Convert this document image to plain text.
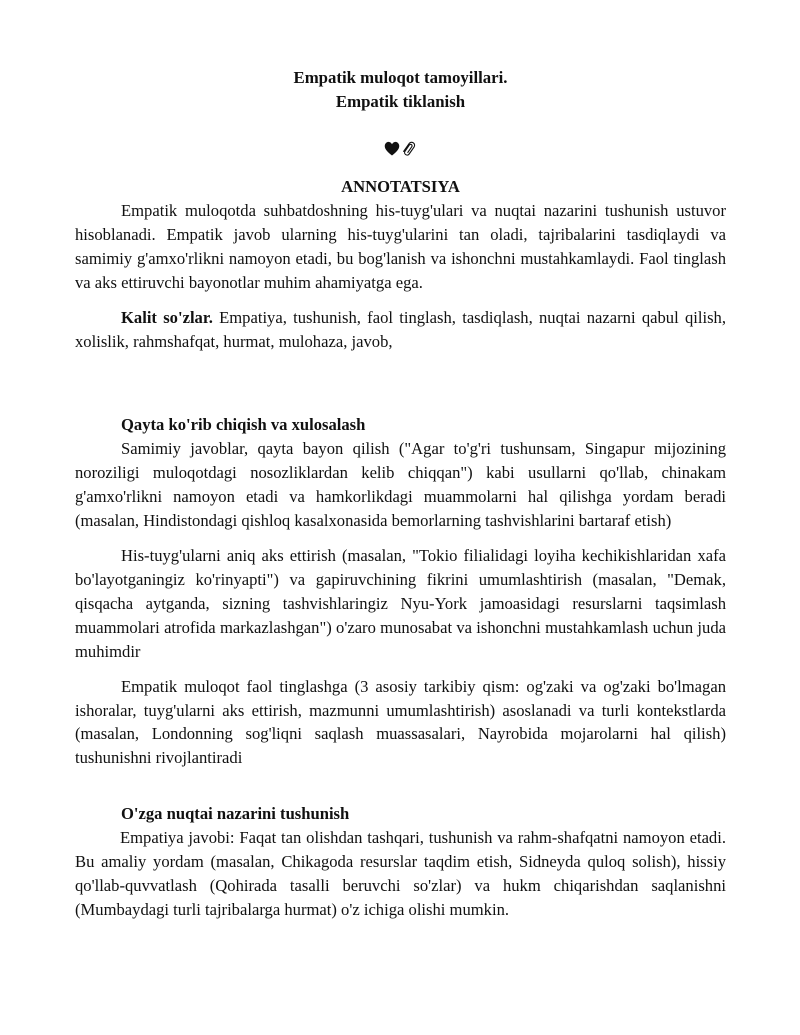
Empatik muloqot tamoyillari.
Empatik tiklanish
ANNOTATSIYA

Empatik muloqotda suhbatdoshning his-tuyg'ulari va nuqtai nazarini tushunish ustuvor hisoblanadi. Empatik javob ularning his-tuyg'ularini tan oladi, tajribalarini tasdiqlaydi va samimiy g'amxo'rlikni namoyon etadi, bu bog'lanish va ishonchni mustahkamlaydi. Faol tinglash va aks ettiruvchi bayonotlar muhim ahamiyatga ega.

Kalit so'zlar. Empatiya, tushunish, faol tinglash, tasdiqlash, nuqtai nazarni qabul qilish, xolislik, rahmshafqat, hurmat, mulohaza, javob,

Qayta ko'rib chiqish va xulosalash

Samimiy javoblar, qayta bayon qilish ("Agar to'g'ri tushunsam, Singapur mijozining noroziligi muloqotdagi nosozliklardan kelib chiqqan") kabi usullarni qo'llab, chinakam g'amxo'rlikni namoyon etadi va hamkorlikdagi muammolarni hal qilishga yordam beradi (masalan, Hindistondagi qishloq kasalxonasida bemorlarning tashvishlarini bartaraf etish)

His-tuyg'ularni aniq aks ettirish (masalan, "Tokio filialidagi loyiha kechikishlaridan xafa bo'layotganingiz ko'rinyapti") va gapiruvchining fikrini umumlashtirish (masalan, "Demak, qisqacha aytganda, sizning tashvishlaringiz Nyu-York jamoasidagi resurslarni taqsimlash muammolari atrofida markazlashgan") o'zaro munosabat va ishonchni mustahkamlash uchun juda muhimdir

Empatik muloqot faol tinglashga (3 asosiy tarkibiy qism: og'zaki va og'zaki bo'lmagan ishoralar, tuyg'ularni aks ettirish, mazmunni umumlashtirish) asoslanadi va turli kontekstlarda (masalan, Londonning sog'liqni saqlash muassasalari, Nayrobida mojarolarni hal qilish) tushunishni rivojlantiradi

O'zga nuqtai nazarini tushunish

Empatiya javobi: Faqat tan olishdan tashqari, tushunish va rahm-shafqatni namoyon etadi. Bu amaliy yordam (masalan, Chikagoda resurslar taqdim etish, Sidneyda quloq solish), hissiy qo'llab-quvvatlash (Qohirada tasalli beruvchi so'zlar) va hukm chiqarishdan saqlanishni (Mumbaydagi turli tajribalarga hurmat) o'z ichiga olishi mumkin.
